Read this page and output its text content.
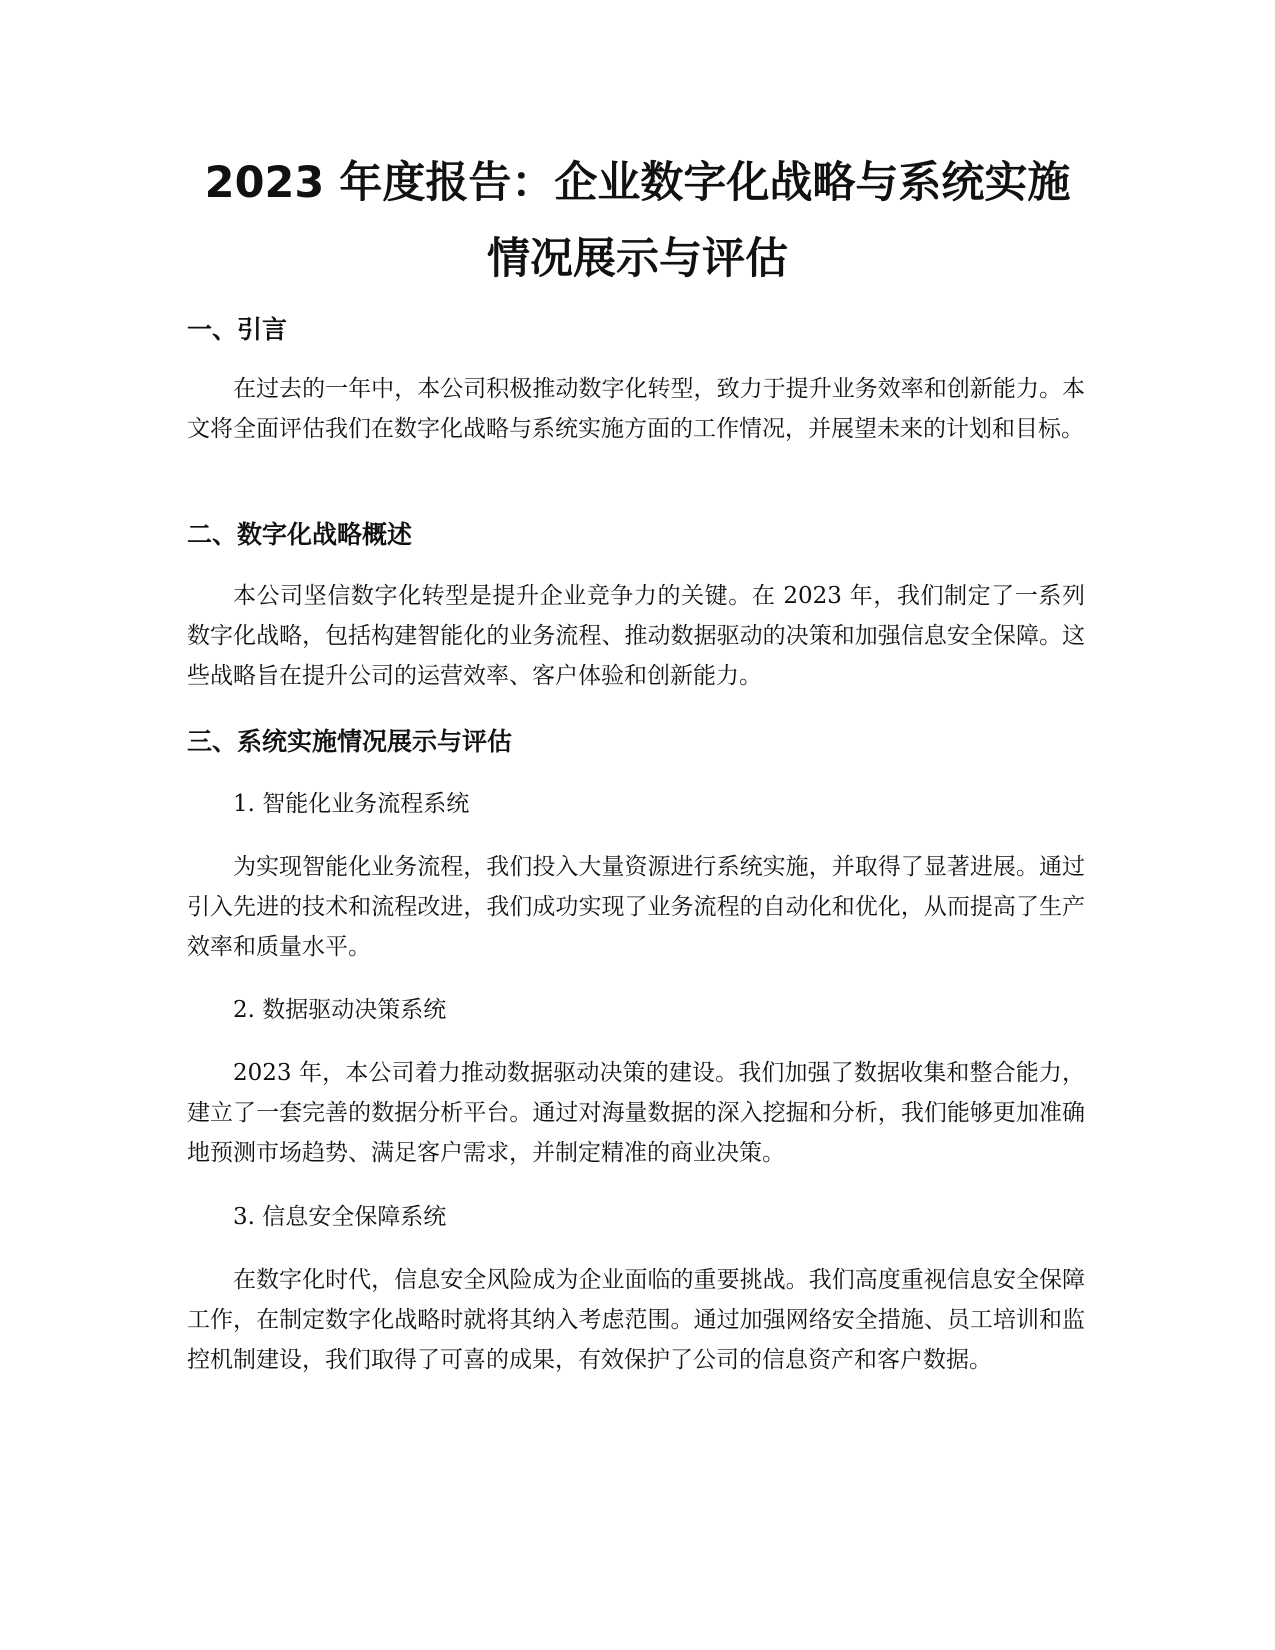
2023 年度报告：企业数字化战略与系统实施
情况展示与评估
一、引言

在过去的一年中，本公司积极推动数字化转型，致力于提升业务效率和创新能力。本文将全面评估我们在数字化战略与系统实施方面的工作情况，并展望未来的计划和目标。

二、数字化战略概述

本公司坚信数字化转型是提升企业竞争力的关键。在 2023 年，我们制定了一系列数字化战略，包括构建智能化的业务流程、推动数据驱动的决策和加强信息安全保障。这些战略旨在提升公司的运营效率、客户体验和创新能力。

三、系统实施情况展示与评估

1. 智能化业务流程系统

为实现智能化业务流程，我们投入大量资源进行系统实施，并取得了显著进展。通过引入先进的技术和流程改进，我们成功实现了业务流程的自动化和优化，从而提高了生产效率和质量水平。

2. 数据驱动决策系统

2023 年，本公司着力推动数据驱动决策的建设。我们加强了数据收集和整合能力，建立了一套完善的数据分析平台。通过对海量数据的深入挖掘和分析，我们能够更加准确地预测市场趋势、满足客户需求，并制定精准的商业决策。

3. 信息安全保障系统

在数字化时代，信息安全风险成为企业面临的重要挑战。我们高度重视信息安全保障工作，在制定数字化战略时就将其纳入考虑范围。通过加强网络安全措施、员工培训和监控机制建设，我们取得了可喜的成果，有效保护了公司的信息资产和客户数据。
